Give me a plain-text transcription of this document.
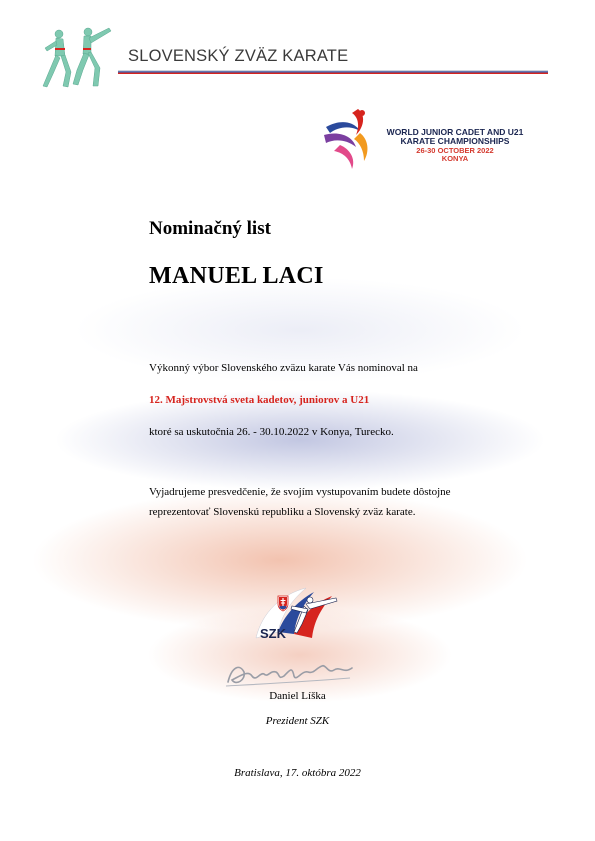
SLOVENSKÝ ZVÄZ KARATE
WORLD JUNIOR CADET AND U21
KARATE CHAMPIONSHIPS
26-30 OCTOBER 2022
KONYA
Nominačný list
MANUEL LACI
Výkonný výbor Slovenského zväzu karate Vás nominoval na
12. Majstrovstvá sveta kadetov, juniorov a U21
ktoré sa uskutočnia 26. - 30.10.2022 v Konya, Turecko.
Vyjadrujeme presvedčenie, že svojím vystupovaním budete dôstojne reprezentovať Slovenskú republiku a Slovenský zväz karate.
SZK
Daniel Líška
Prezident SZK
Bratislava, 17. októbra 2022
